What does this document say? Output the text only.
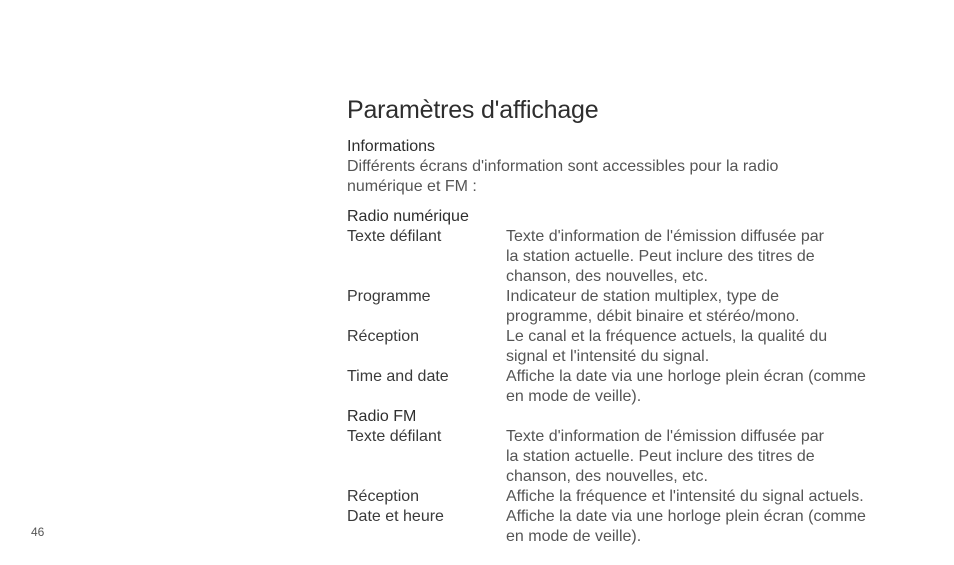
Paramètres d'affichage
Informations
Différents écrans d'information sont accessibles pour la radio
numérique et FM :
Radio numérique
Texte défilant	Texte d'information de l'émission diffusée par
la station actuelle. Peut inclure des titres de
chanson, des nouvelles, etc.
Programme	Indicateur de station multiplex, type de
programme, débit binaire et stéréo/mono.
Réception	Le canal et la fréquence actuels, la qualité du
signal et l'intensité du signal.
Time and date	Affiche la date via une horloge plein écran (comme
en mode de veille).
Radio FM
Texte défilant	Texte d'information de l'émission diffusée par
la station actuelle. Peut inclure des titres de
chanson, des nouvelles, etc.
Réception	Affiche la fréquence et l'intensité du signal actuels.
Date et heure	Affiche la date via une horloge plein écran (comme
en mode de veille).
46
